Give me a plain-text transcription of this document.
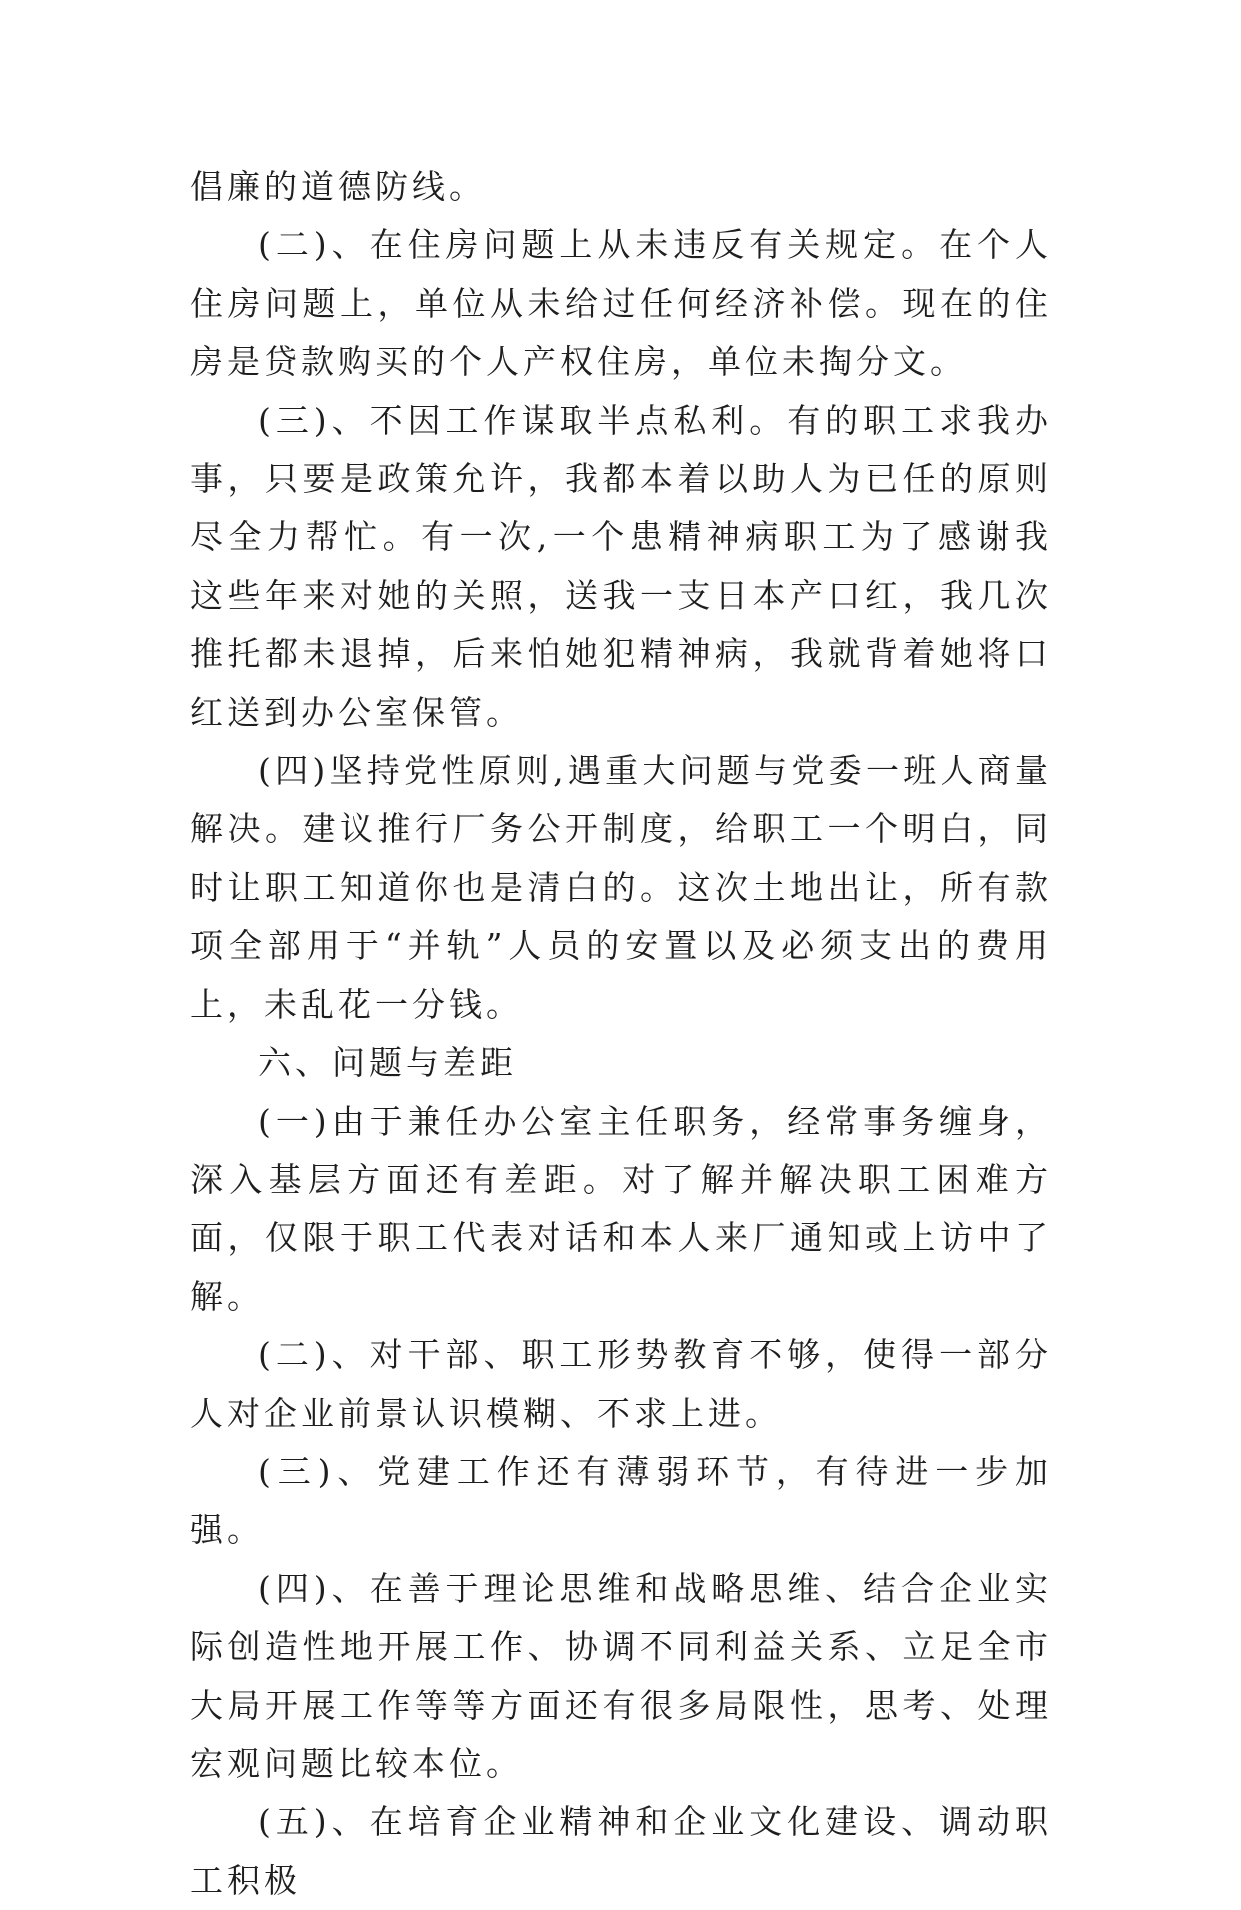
倡廉的道德防线。

(二)、在住房问题上从未违反有关规定。在个人住房问题上，单位从未给过任何经济补偿。现在的住房是贷款购买的个人产权住房，单位未掏分文。

(三)、不因工作谋取半点私利。有的职工求我办事，只要是政策允许，我都本着以助人为已任的原则尽全力帮忙。有一次,一个患精神病职工为了感谢我这些年来对她的关照，送我一支日本产口红，我几次推托都未退掉，后来怕她犯精神病，我就背着她将口红送到办公室保管。

(四)坚持党性原则,遇重大问题与党委一班人商量解决。建议推行厂务公开制度，给职工一个明白，同时让职工知道你也是清白的。这次土地出让，所有款项全部用于“并轨”人员的安置以及必须支出的费用上，未乱花一分钱。

六、问题与差距

(一)由于兼任办公室主任职务，经常事务缠身，深入基层方面还有差距。对了解并解决职工困难方面，仅限于职工代表对话和本人来厂通知或上访中了解。

(二)、对干部、职工形势教育不够，使得一部分人对企业前景认识模糊、不求上进。

(三)、党建工作还有薄弱环节，有待进一步加强。

(四)、在善于理论思维和战略思维、结合企业实际创造性地开展工作、协调不同利益关系、立足全市大局开展工作等等方面还有很多局限性，思考、处理宏观问题比较本位。

(五)、在培育企业精神和企业文化建设、调动职工积极
